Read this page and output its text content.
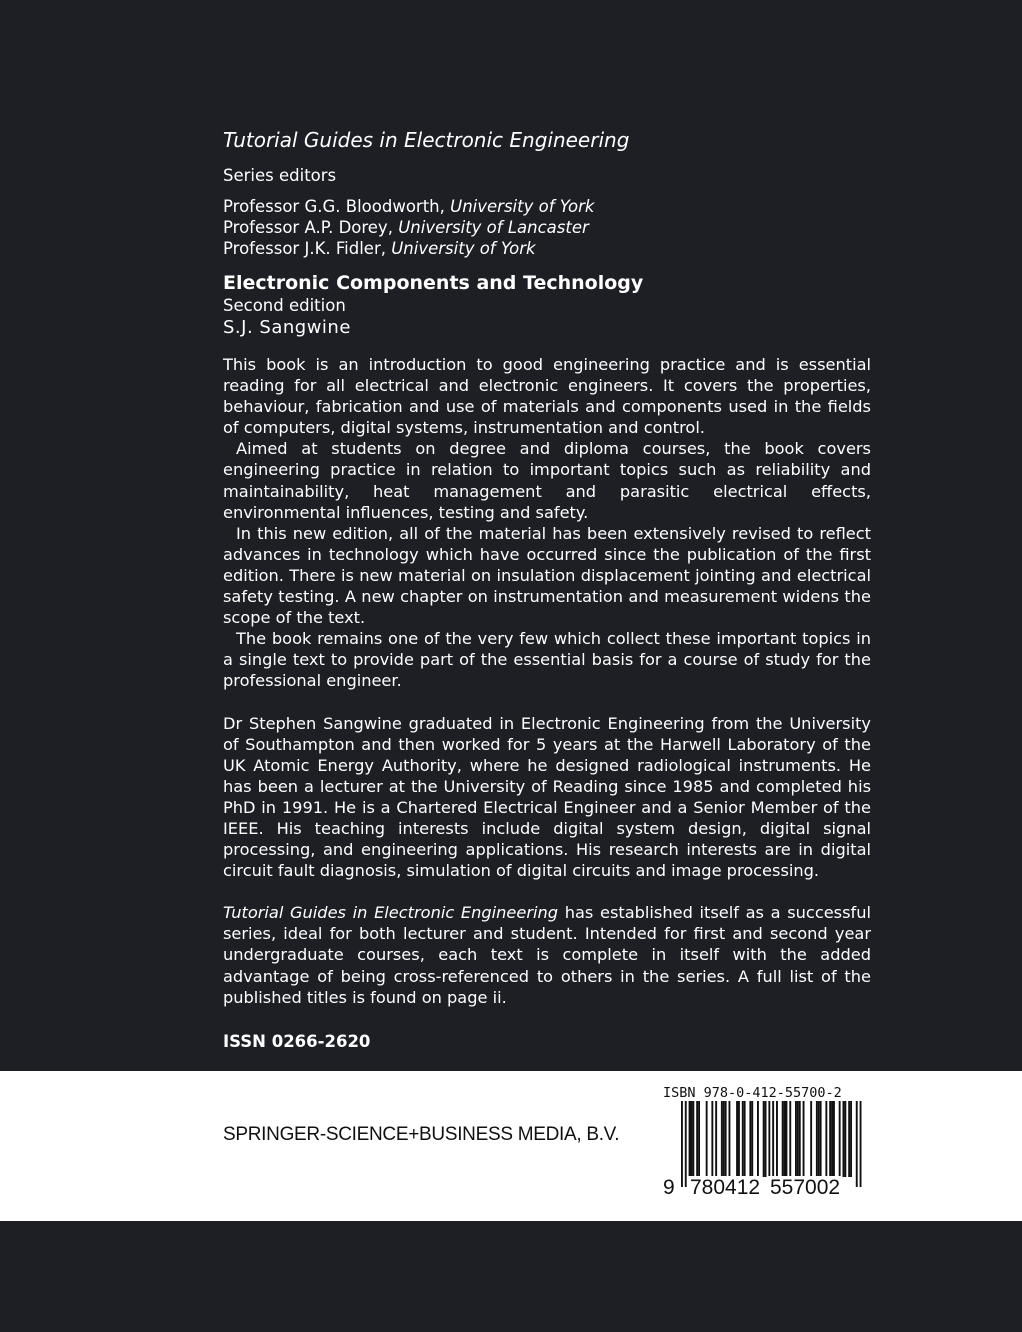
Tutorial Guides in Electronic Engineering

Series editors
Professor G.G. Bloodworth, University of York
Professor A.P. Dorey, University of Lancaster
Professor J.K. Fidler, University of York
Electronic Components and Technology
Second edition
S.J. Sangwine

This book is an introduction to good engineering practice and is essential reading for all electrical and electronic engineers. It covers the properties, behaviour, fabrication and use of materials and components used in the fields of computers, digital systems, instrumentation and control.

Aimed at students on degree and diploma courses, the book covers engineering practice in relation to important topics such as reliability and maintainability, heat management and parasitic electrical effects, environmental influences, testing and safety.

In this new edition, all of the material has been extensively revised to reflect advances in technology which have occurred since the publication of the first edition. There is new material on insulation displacement jointing and electrical safety testing. A new chapter on instrumentation and measurement widens the scope of the text.

The book remains one of the very few which collect these important topics in a single text to provide part of the essential basis for a course of study for the professional engineer.

Dr Stephen Sangwine graduated in Electronic Engineering from the University of Southampton and then worked for 5 years at the Harwell Laboratory of the UK Atomic Energy Authority, where he designed radiological instruments. He has been a lecturer at the University of Reading since 1985 and completed his PhD in 1991. He is a Chartered Electrical Engineer and a Senior Member of the IEEE. His teaching interests include digital system design, digital signal processing, and engineering applications. His research interests are in digital circuit fault diagnosis, simulation of digital circuits and image processing.

Tutorial Guides in Electronic Engineering has established itself as a successful series, ideal for both lecturer and student. Intended for first and second year undergraduate courses, each text is complete in itself with the added advantage of being cross-referenced to others in the series. A full list of the published titles is found on page ii.

ISSN 0266-2620
SPRINGER-SCIENCE+BUSINESS MEDIA, B.V.
ISBN 978-0-412-55700-2
9 780412 557002
